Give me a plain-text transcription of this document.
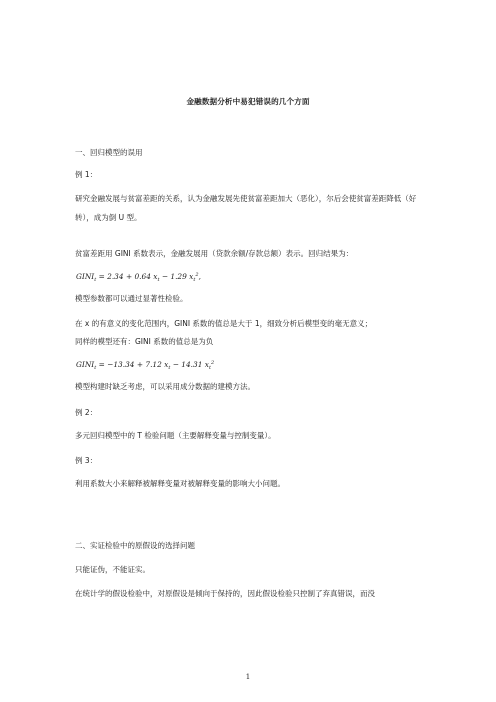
金融数据分析中易犯错误的几个方面
一、回归模型的误用
例 1：
研究金融发展与贫富差距的关系，认为金融发展先使贫富差距加大（恶化），尔后会使贫富差距降低（好转），成为倒 U 型。
贫富差距用 GINI 系数表示，金融发展用（贷款余额/存款总额）表示。回归结果为：
$GINI_t = 2.34 + 0.64$ $x_t - 1.29$ $x_t^2$,
模型参数都可以通过显著性检验。
在 x 的有意义的变化范围内，GINI 系数的值总是大于 1，细致分析后模型变的毫无意义；
同样的模型还有：GINI 系数的值总是为负
$GINI_t = -13.34 + 7.12$ $x_t - 14.31$ $x_t^2$
模型构建时缺乏考虑，可以采用成分数据的建模方法。
例 2：
多元回归模型中的 T 检验问题（主要解释变量与控制变量）。
例 3：
利用系数大小来解释被解释变量对被解释变量的影响大小问题。
二、实证检验中的原假设的选择问题
只能证伪，不能证实。
在统计学的假设检验中，对原假设是倾向于保持的，因此假设检验只控制了弃真错误，而没
1
